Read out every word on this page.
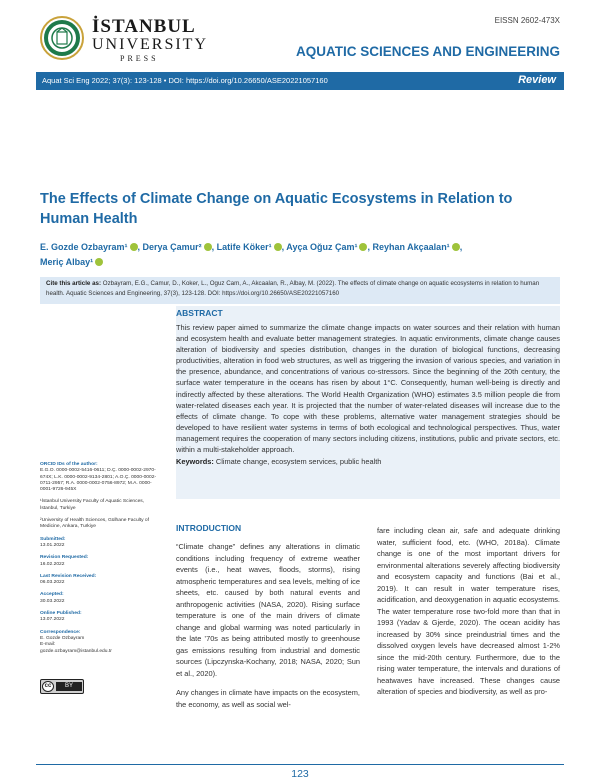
İSTANBUL
UNIVERSITY
PRESS
EISSN 2602-473X
AQUATIC SCIENCES AND ENGINEERING
Aquat Sci Eng 2022; 37(3): 123-128 • DOI: https://doi.org/10.26650/ASE20221057160	Review
The Effects of Climate Change on Aquatic Ecosystems in Relation to Human Health
E. Gozde Ozbayram¹ , Derya Çamur² , Latife Köker¹ , Ayça Oğuz Çam¹ , Reyhan Akçaalan¹ ,
Meriç Albay¹
Cite this article as: Ozbayram, E.G., Camur, D., Koker, L., Oguz Cam, A., Akcaalan, R., Albay, M. (2022). The effects of climate change on aquatic ecosystems in relation to human health. Aquatic Sciences and Engineering, 37(3), 123-128. DOI: https://doi.org/10.26650/ASE20221057160
ABSTRACT

This review paper aimed to summarize the climate change impacts on water sources and their relation with human and ecosystem health and evaluate better management strategies. In aquatic environments, climate change causes alteration of biodiversity and species distribution, changes in the duration of biological functions, decreasing productivities, alteration in food web structures, as well as triggering the invasion of various species, and variation in the presence, abundance, and concentrations of various co-stressors. Since the beginning of the 20th century, the surface water temperature in the oceans has risen by about 1°C. Consequently, human well-being is directly and indirectly affected by these alterations. The World Health Organization (WHO) estimates 3.5 million people die from water-related diseases each year. It is projected that the number of water-related diseases will increase due to the effects of climate change. To cope with these problems, alternative water management strategies should be developed to have resilient water systems in terms of both ecological and technological perspectives. Thus, water management requires the cooperation of many sectors including citizens, institutions, public and private sectors, etc. within a multi-stakeholder approach.

Keywords: Climate change, ecosystem services, public health

ORCID IDs of the author:
E.G.O. 0000-0002-5416-0611; D.Ç. 0000-0002-2970-674X; L.K. 0000-0002-9134-2801; A.O.Ç. 0000-0002-0711-2957; R.A. 0000-0002-0756-8972; M.A. 0000-0001-9726-945X

¹İstanbul University Faculty of Aquatic Sciences, İstanbul, Turkiye

²University of Health Sciences, Gülhane Faculty of Medicine, Ankara, Turkiye

Submitted:
13.01.2022

Revision Requested:
16.02.2022

Last Revision Received:
06.03.2022

Accepted:
30.03.2022

Online Published:
13.07.2022

Correspondence:
E. Gozde Ozbayram
E-mail:
gozde.ozbayram@istanbul.edu.tr

cc	BY
INTRODUCTION

“Climate change” defines any alterations in climatic conditions including frequency of extreme weather events (i.e., heat waves, floods, storms), rising atmospheric temperatures and sea levels, melting of ice sheets, etc. caused by both natural events and anthropogenic activities (NASA, 2020). Rising surface temperature is one of the main drivers of climate change and global warming was noted particularly in the late ’70s as being attributed mostly to greenhouse gas emissions resulting from industrial and domestic sources (Lipczynska-Kochany, 2018; NASA, 2020; Sun et al., 2020).

Any changes in climate have impacts on the ecosystem, the economy, as well as social wel-

fare including clean air, safe and adequate drinking water, sufficient food, etc. (WHO, 2018a). Climate change is one of the most important drivers for environmental alterations severely affecting biodiversity and ecosystem capacity and functions (Bai et al., 2019). It can result in water temperature rises, acidification, and deoxygenation in aquatic ecosystems. The water temperature rose two-fold more than that in 1993 (Yadav & Gjerde, 2020). The ocean acidity has increased by 30% since preindustrial times and the dissolved oxygen levels have decreased almost 1-2% since the mid-20th century. Furthermore, due to the rising water temperature, the intervals and durations of heatwaves have increased. These changes cause alteration of species and biodiversity, as well as pro-

123
